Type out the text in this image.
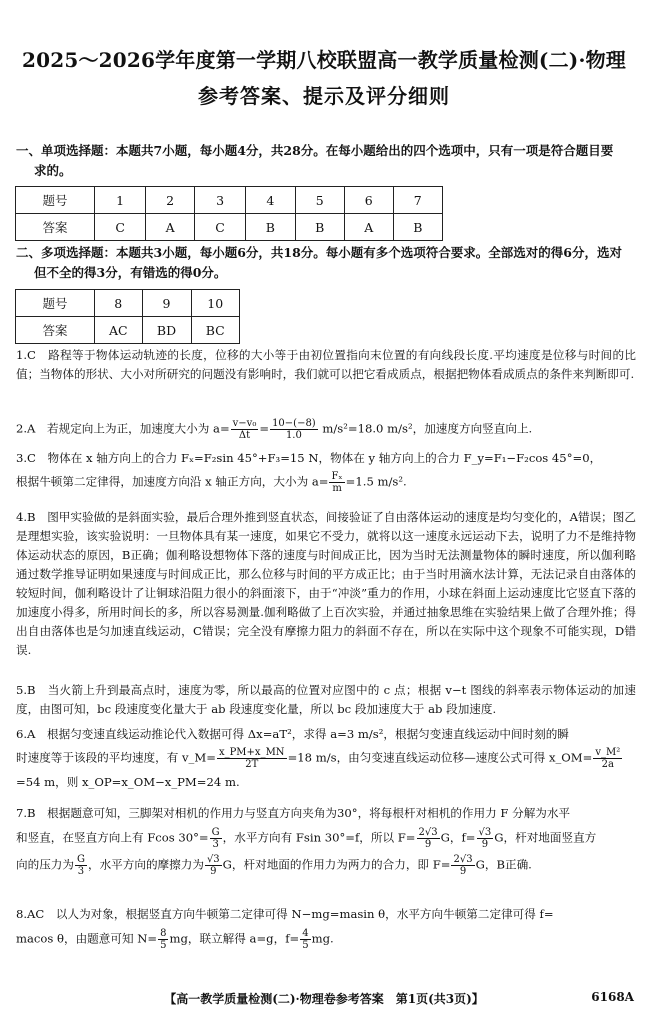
2025～2026学年度第一学期八校联盟高一教学质量检测(二)·物理
参考答案、提示及评分细则
一、单项选择题：本题共7小题，每小题4分，共28分。在每小题给出的四个选项中，只有一项是符合题目要
求的。
题号	1	2	3	4	5	6	7
答案	C	A	C	B	B	A	B
二、多项选择题：本题共3小题，每小题6分，共18分。每小题有多个选项符合要求。全部选对的得6分，选对
但不全的得3分，有错选的得0分。
题号	8	9	10
答案	AC	BD	BC
1.C　路程等于物体运动轨迹的长度，位移的大小等于由初位置指向末位置的有向线段长度.平均速度是位移与时间的比值；当物体的形状、大小对所研究的问题没有影响时，我们就可以把它看成质点，根据把物体看成质点的条件来判断即可.
2.A　若规定向上为正，加速度大小为 $a= \frac{\text{v−v₀}}{\Delta t} = \frac{10-(-8)}{1.0} m/s^2=18.0$ m/s²，加速度方向竖直向上.
3.C　物体在 x 轴方向上的合力 Fₓ=F₂sin 45°+F₃=15 N，物体在 y 轴方向上的合力 F_y=F₁−F₂cos 45°=0，
根据牛顿第二定律得，加速度方向沿 x 轴正方向，大小为 $a= \frac{\text{Fₓ}}{m} =1.5$ m/s².
4.B　图甲实验做的是斜面实验，最后合理外推到竖直状态，间接验证了自由落体运动的速度是均匀变化的，A错误；图乙是理想实验，该实验说明：一旦物体具有某一速度，如果它不受力，就将以这一速度永远运动下去，说明了力不是维持物体运动状态的原因，B正确；伽利略设想物体下落的速度与时间成正比，因为当时无法测量物体的瞬时速度，所以伽利略通过数学推导证明如果速度与时间成正比，那么位移与时间的平方成正比；由于当时用滴水法计算，无法记录自由落体的较短时间，伽利略设计了让铜球沿阻力很小的斜面滚下，由于“冲淡”重力的作用，小球在斜面上运动速度比它竖直下落的加速度小得多，所用时间长的多，所以容易测量.伽利略做了上百次实验，并通过抽象思维在实验结果上做了合理外推；得出自由落体也是匀加速直线运动，C错误；完全没有摩擦力阻力的斜面不存在，所以在实际中这个现象不可能实现，D错误.
5.B　当火箭上升到最高点时，速度为零，所以最高的位置对应图中的 c 点；根据 v−t 图线的斜率表示物体运动的加速度，由图可知，bc 段速度变化量大于 ab 段速度变化量，所以 bc 段加速度大于 ab 段加速度.
6.A　根据匀变速直线运动推论代入数据可得 Δx=aT²，求得 a=3 m/s²，根据匀变速直线运动中间时刻的瞬
时速度等于该段的平均速度，有 v_M= $\frac{x\_PM+x\_MN}{2T} =18$ m/s，由匀变速直线运动位移—速度公式可得 x_OM= $\frac{\text{v\_M²}}{2a}$
=54 m，则 x_OP=x_OM−x_PM=24 m.
7.B　根据题意可知，三脚架对相机的作用力与竖直方向夹角为30°，将每根杆对相机的作用力 F 分解为水平
和竖直，在竖直方向上有 Fcos $30^\circ= \frac{G}{3}$ ，水平方向有 Fsin 30°=f，所以 $F= \frac{2√3}{9}$ G，$f= \frac{√3}{9}$ G，杆对地面竖直方
向的压力为 $\frac{G}{3}$ ，水平方向的摩擦力为 $\frac{√3}{9}$ G，杆对地面的作用力为两力的合力，即 $F= \frac{2√3}{9}$ G，B正确.
8.AC　以人为对象，根据竖直方向牛顿第二定律可得 N−mg=masin θ，水平方向牛顿第二定律可得 f=
macos θ，由题意可知 $N= \frac{8}{5}$ mg，联立解得 a=g，$f= \frac{4}{5}$ mg.
【高一教学质量检测(二)·物理卷参考答案　第1页(共3页)】	6168A
